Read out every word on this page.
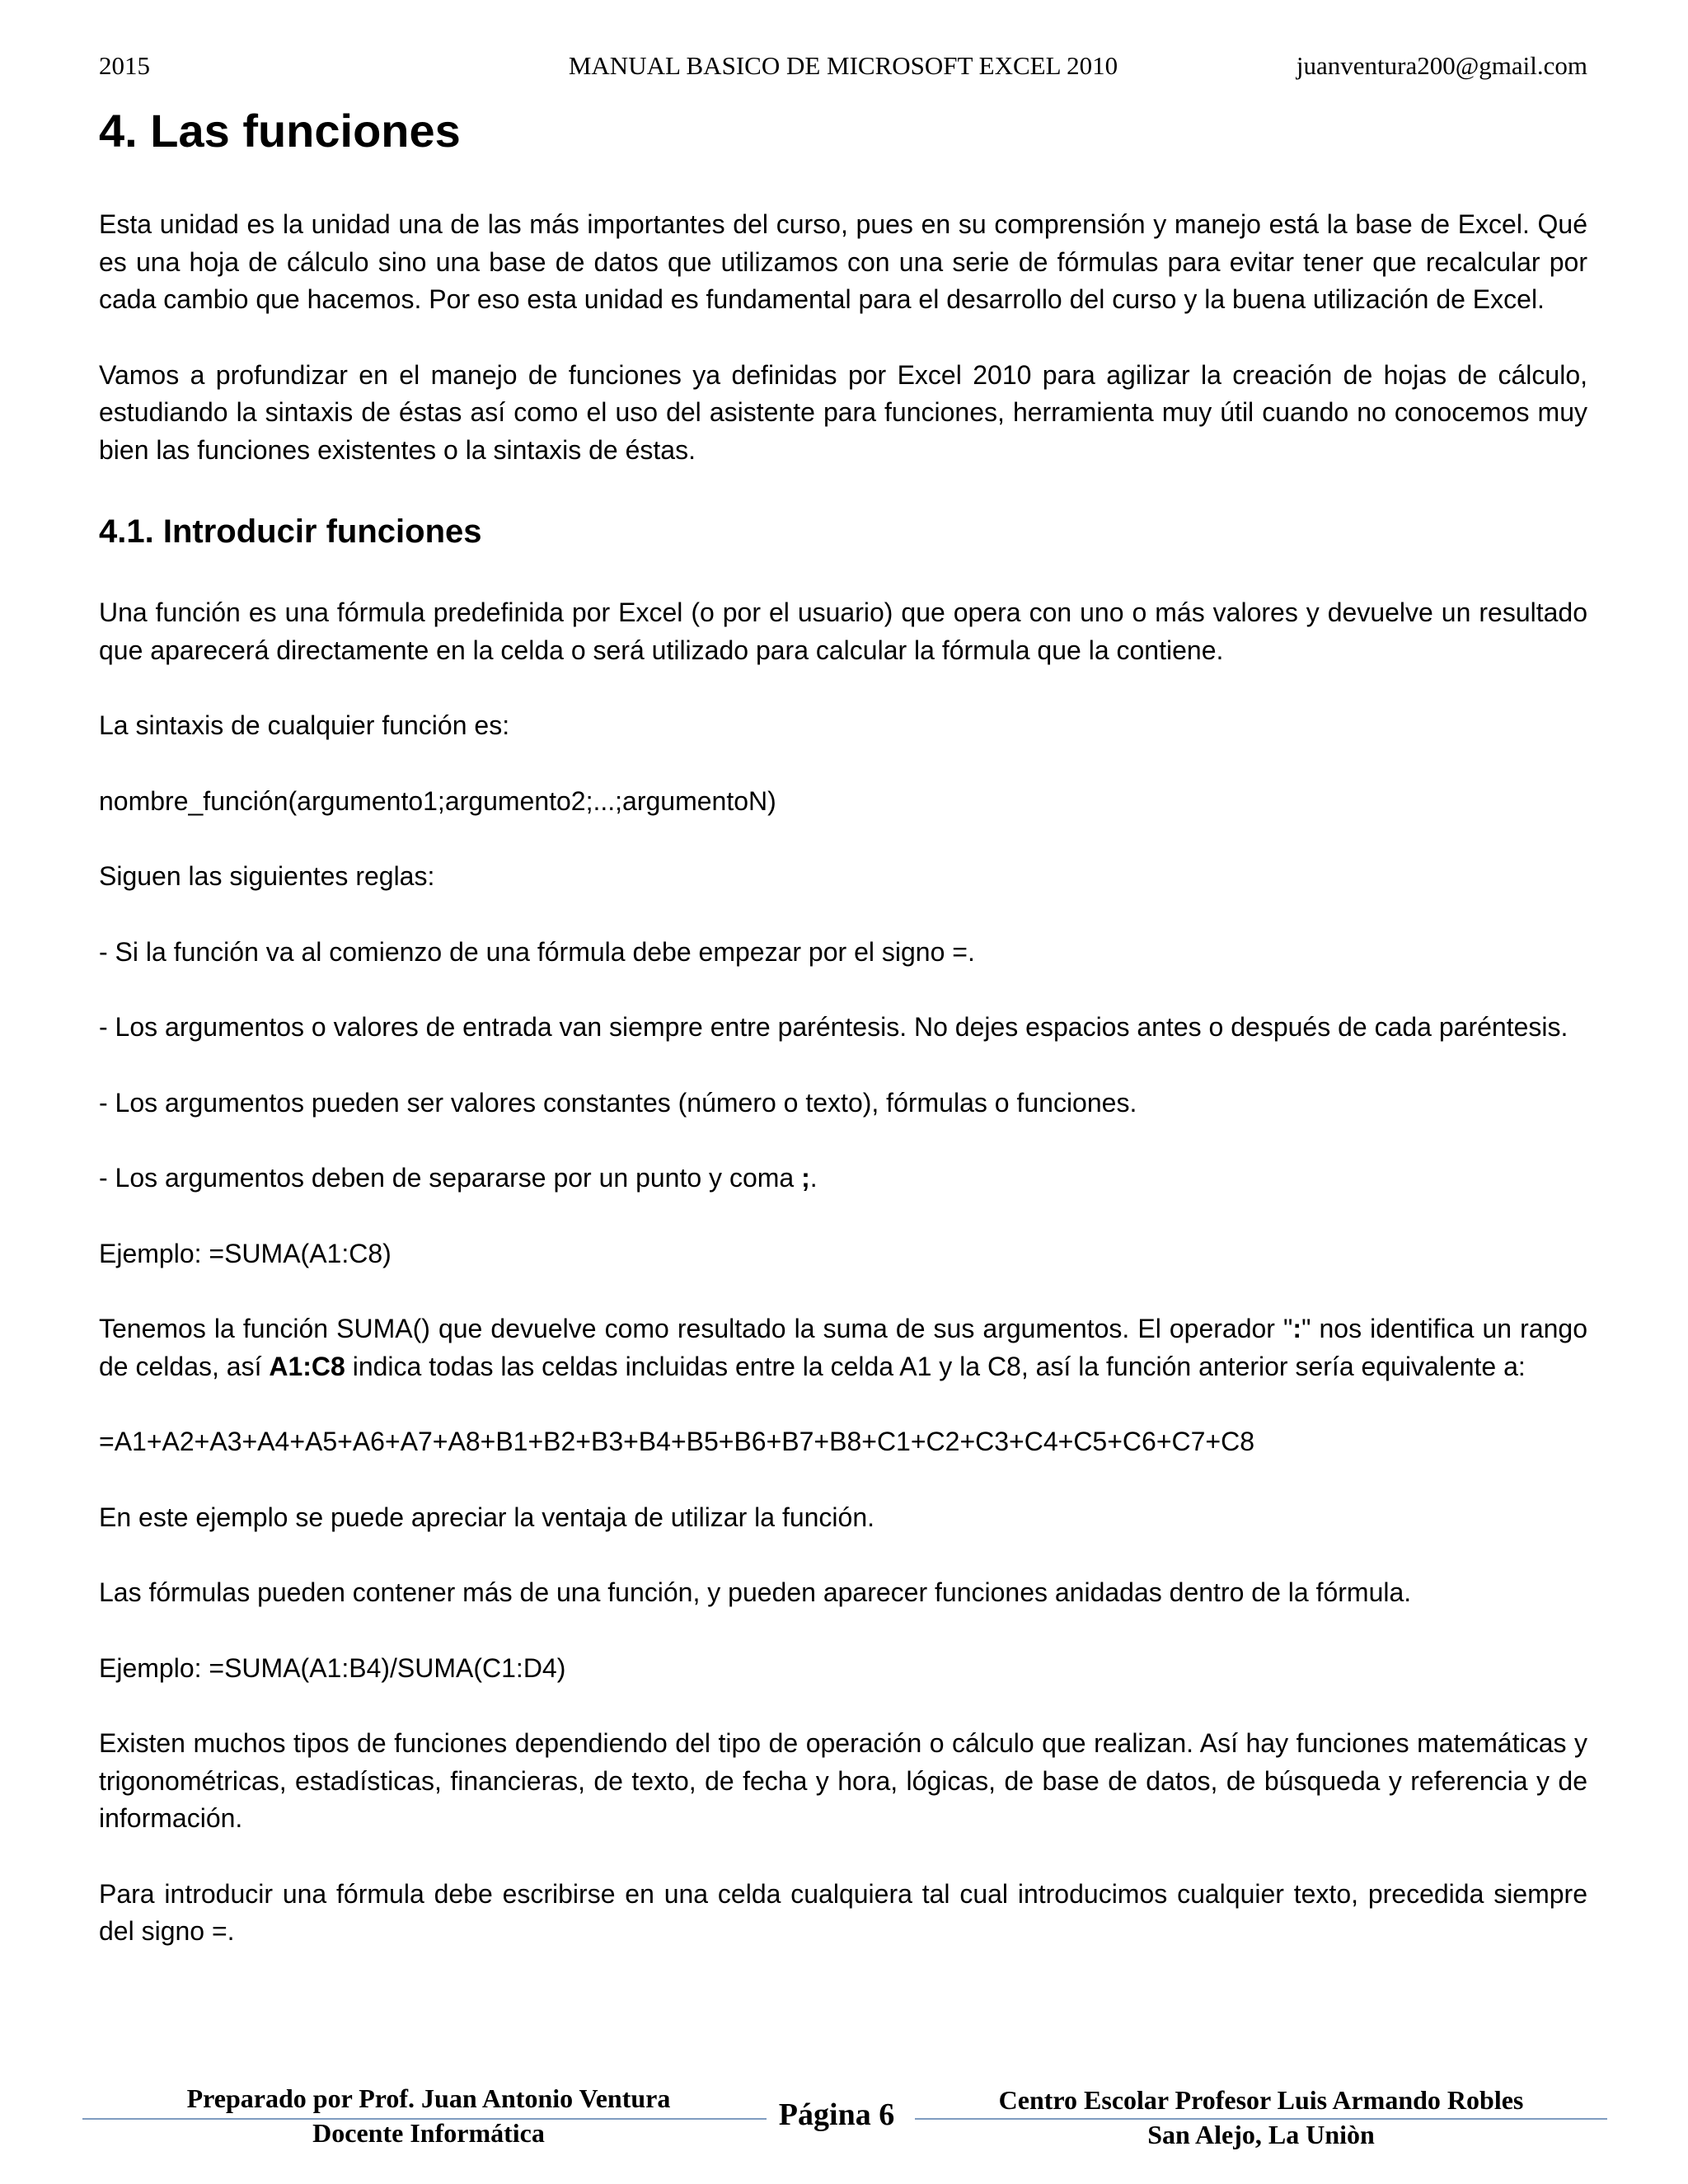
2015	MANUAL BASICO DE MICROSOFT EXCEL 2010	juanventura200@gmail.com
4. Las funciones

Esta unidad es la unidad una de las más importantes del curso, pues en su comprensión y manejo está la base de Excel. Qué es una hoja de cálculo sino una base de datos que utilizamos con una serie de fórmulas para evitar tener que recalcular por cada cambio que hacemos. Por eso esta unidad es fundamental para el desarrollo del curso y la buena utilización de Excel.

Vamos a profundizar en el manejo de funciones ya definidas por Excel 2010 para agilizar la creación de hojas de cálculo, estudiando la sintaxis de éstas así como el uso del asistente para funciones, herramienta muy útil cuando no conocemos muy bien las funciones existentes o la sintaxis de éstas.

4.1. Introducir funciones

Una función es una fórmula predefinida por Excel (o por el usuario) que opera con uno o más valores y devuelve un resultado que aparecerá directamente en la celda o será utilizado para calcular la fórmula que la contiene.

La sintaxis de cualquier función es:

nombre_función(argumento1;argumento2;...;argumentoN)

Siguen las siguientes reglas:

- Si la función va al comienzo de una fórmula debe empezar por el signo =.

- Los argumentos o valores de entrada van siempre entre paréntesis. No dejes espacios antes o después de cada paréntesis.

- Los argumentos pueden ser valores constantes (número o texto), fórmulas o funciones.

- Los argumentos deben de separarse por un punto y coma ;.

Ejemplo: =SUMA(A1:C8)

Tenemos la función SUMA() que devuelve como resultado la suma de sus argumentos. El operador ":" nos identifica un rango de celdas, así A1:C8 indica todas las celdas incluidas entre la celda A1 y la C8, así la función anterior sería equivalente a:

=A1+A2+A3+A4+A5+A6+A7+A8+B1+B2+B3+B4+B5+B6+B7+B8+C1+C2+C3+C4+C5+C6+C7+C8

En este ejemplo se puede apreciar la ventaja de utilizar la función.

Las fórmulas pueden contener más de una función, y pueden aparecer funciones anidadas dentro de la fórmula.

Ejemplo: =SUMA(A1:B4)/SUMA(C1:D4)

Existen muchos tipos de funciones dependiendo del tipo de operación o cálculo que realizan. Así hay funciones matemáticas y trigonométricas, estadísticas, financieras, de texto, de fecha y hora, lógicas, de base de datos, de búsqueda y referencia y de información.

Para introducir una fórmula debe escribirse en una celda cualquiera tal cual introducimos cualquier texto, precedida siempre del signo =.

Preparado por Prof. Juan Antonio Ventura
Docente Informática
Página 6	Centro Escolar Profesor Luis Armando Robles
San Alejo, La Uniòn
